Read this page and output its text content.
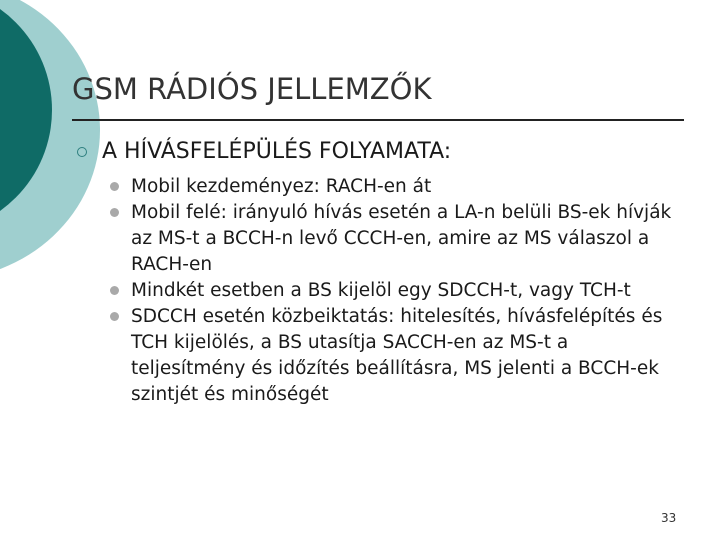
GSM RÁDIÓS JELLEMZŐK
A HÍVÁSFELÉPÜLÉS FOLYAMATA:

Mobil kezdeményez: RACH-en át

Mobil felé: irányuló hívás esetén a LA-n belüli BS-ek hívják az MS-t a BCCH-n levő CCCH-en, amire az MS válaszol a RACH-en

Mindkét esetben a BS kijelöl egy SDCCH-t, vagy TCH-t

SDCCH esetén közbeiktatás: hitelesítés, hívásfelépítés és TCH kijelölés, a BS utasítja SACCH-en az MS-t a teljesítmény és időzítés beállításra, MS jelenti a BCCH-ek szintjét és minőségét

33
